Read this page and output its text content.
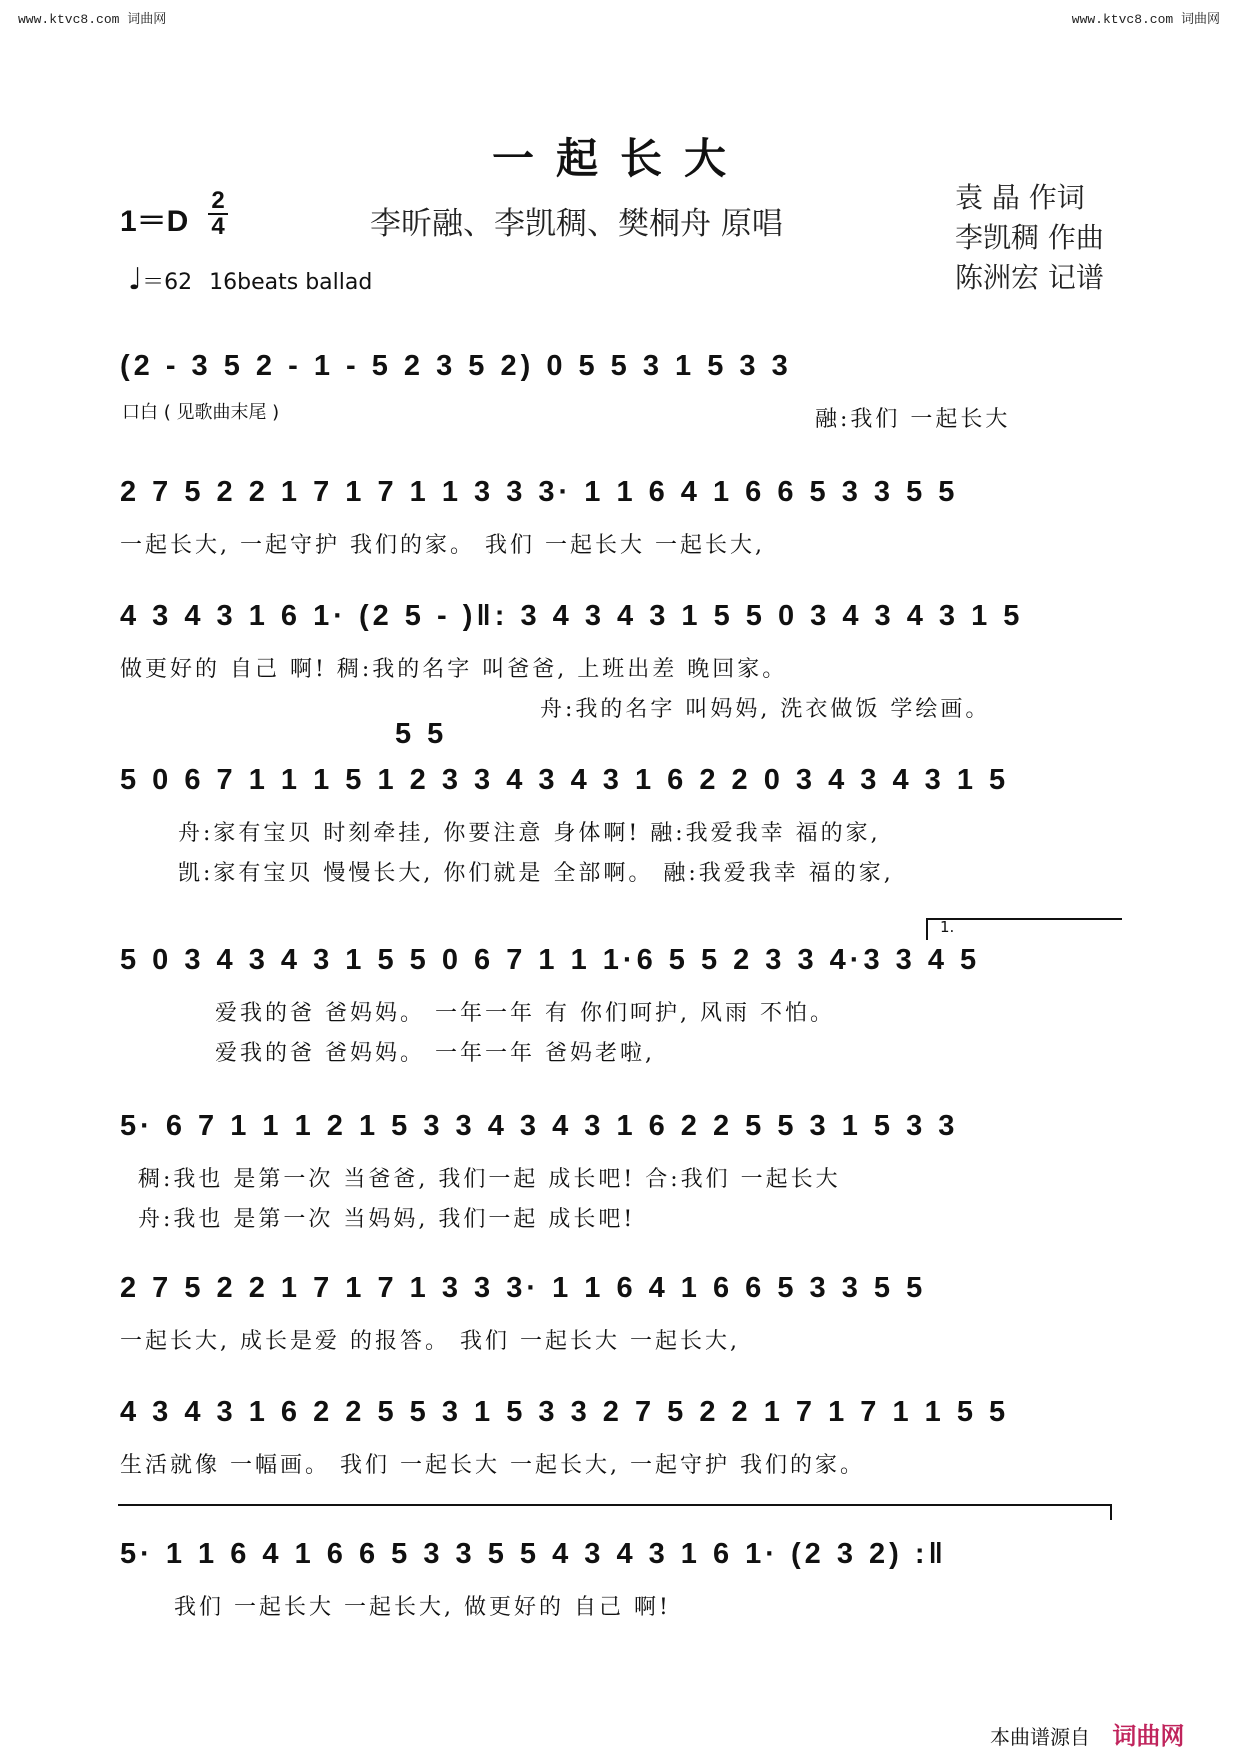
www.ktvc8.com 词曲网	www.ktvc8.com 词曲网
一起长大
1＝D
2
4	李昕融、李凯稠、樊桐舟 原唱
袁 晶 作词
李凯稠 作曲
陈洲宏 记谱
♩＝62 16beats ballad
(2 - 3 5 2 - 1 - 5 2 3 5 2) 0 5 5 3 1 5 3 3
口白 ( 见歌曲末尾 )	融:我们 一起长大
2 7 5 2 2 1 7 1 7 1 1 3 3 3· 1 1 6 4 1 6 6 5 3 3 5 5
一起长大, 一起守护 我们的家。 我们 一起长大 一起长大,
4 3 4 3 1 6 1· (2 5 - )‖: 3 4 3 4 3 1 5 5 0 3 4 3 4 3 1 5
做更好的 自己 啊! 稠:我的名字 叫爸爸, 上班出差 晚回家。
舟:我的名字 叫妈妈, 洗衣做饭 学绘画。
5 5
5 0 6 7 1 1 1 5 1 2 3 3 4 3 4 3 1 6 2 2 0 3 4 3 4 3 1 5
舟:家有宝贝 时刻牵挂, 你要注意 身体啊! 融:我爱我幸 福的家,
凯:家有宝贝 慢慢长大, 你们就是 全部啊。 融:我爱我幸 福的家,
1.
5 0 3 4 3 4 3 1 5 5 0 6 7 1 1 1·6 5 5 2 3 3 4·3 3 4 5
爱我的爸 爸妈妈。 一年一年 有 你们呵护, 风雨 不怕。
爱我的爸 爸妈妈。 一年一年 爸妈老啦,
5· 6 7 1 1 1 2 1 5 3 3 4 3 4 3 1 6 2 2 5 5 3 1 5 3 3
稠:我也 是第一次 当爸爸, 我们一起 成长吧! 合:我们 一起长大
舟:我也 是第一次 当妈妈, 我们一起 成长吧!
2 7 5 2 2 1 7 1 7 1 3 3 3· 1 1 6 4 1 6 6 5 3 3 5 5
一起长大, 成长是爱 的报答。 我们 一起长大 一起长大,
4 3 4 3 1 6 2 2 5 5 3 1 5 3 3 2 7 5 2 2 1 7 1 7 1 1 5 5
生活就像 一幅画。 我们 一起长大 一起长大, 一起守护 我们的家。
5· 1 1 6 4 1 6 6 5 3 3 5 5 4 3 4 3 1 6 1· (2 3 2) :‖
我们 一起长大 一起长大, 做更好的 自己 啊!
本曲谱源自 词曲网
